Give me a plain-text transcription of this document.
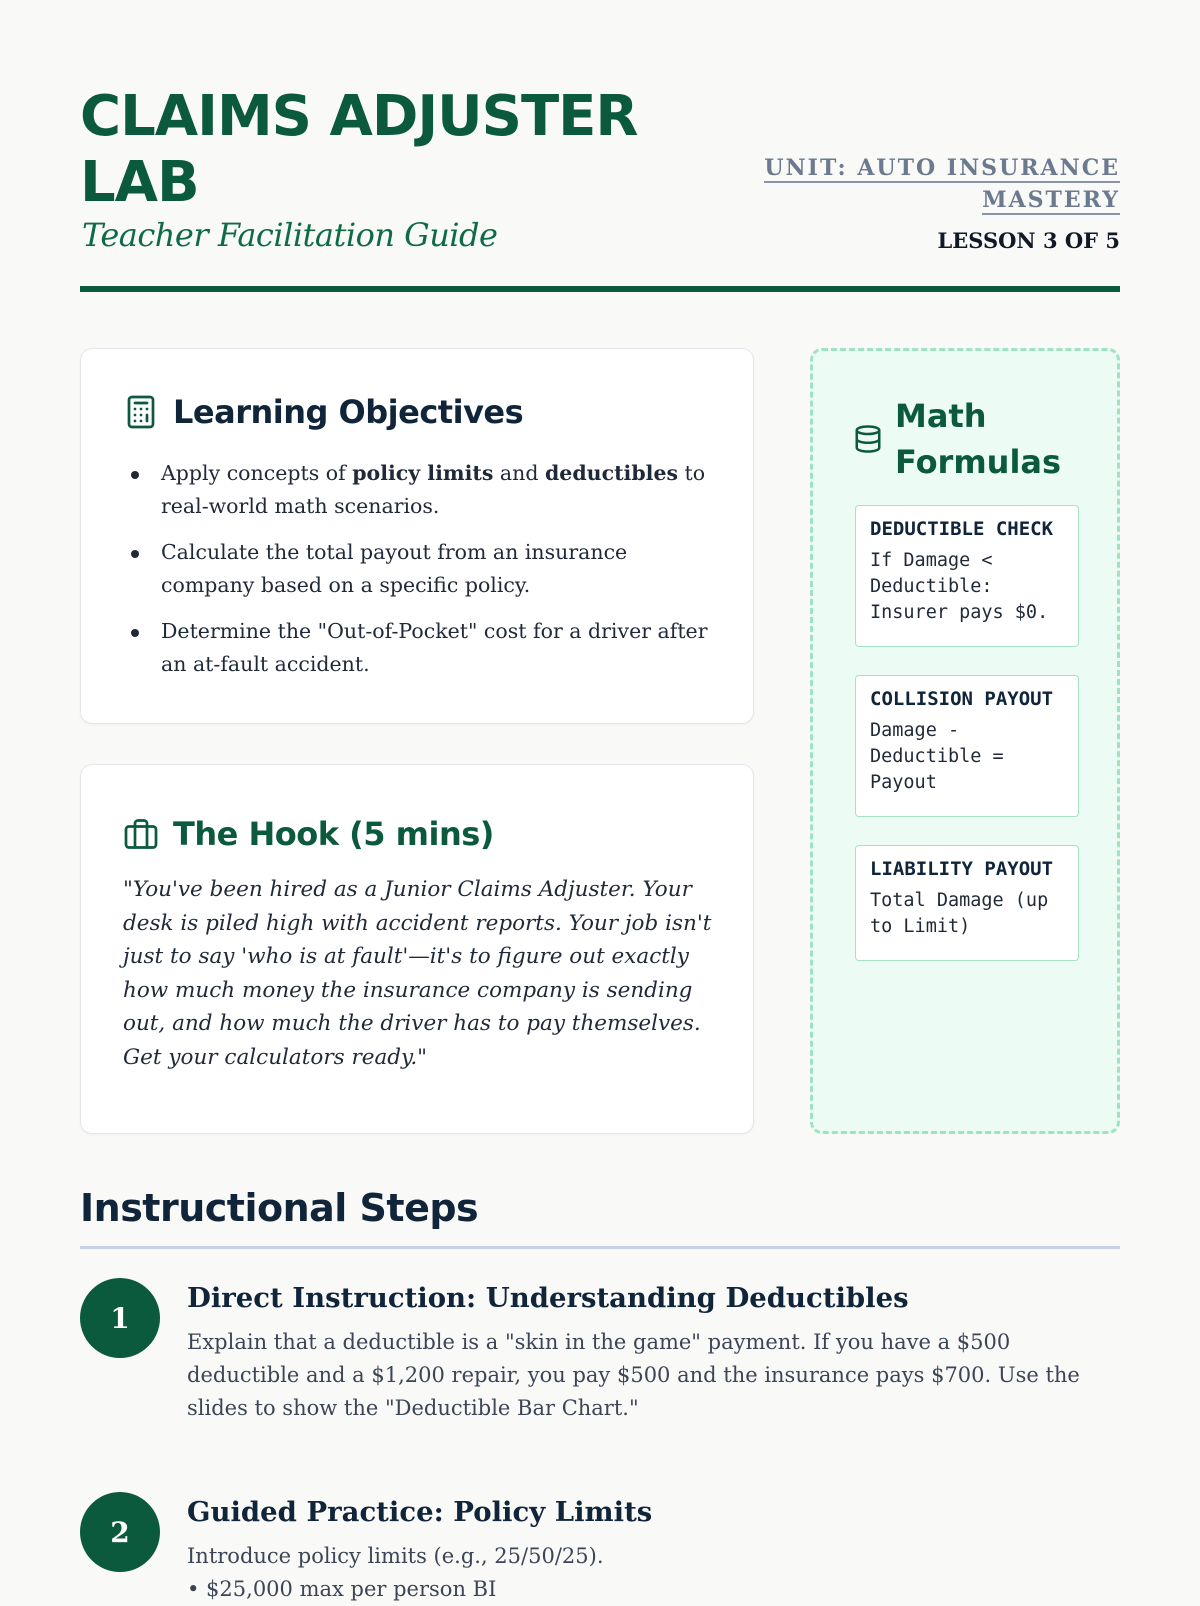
CLAIMS ADJUSTER LAB

Teacher Facilitation Guide

UNIT: AUTO INSURANCE MASTERY
LESSON 3 OF 5
Learning Objectives
Apply concepts of policy limits and deductibles to real-world math scenarios.
Calculate the total payout from an insurance company based on a specific policy.
Determine the "Out-of-Pocket" cost for a driver after an at-fault accident.
The Hook (5 mins)

"You've been hired as a Junior Claims Adjuster. Your desk is piled high with accident reports. Your job isn't just to say 'who is at fault'—it's to figure out exactly how much money the insurance company is sending out, and how much the driver has to pay themselves. Get your calculators ready."

Math Formulas
DEDUCTIBLE CHECK
If Damage < Deductible: Insurer pays $0.
COLLISION PAYOUT
Damage - Deductible = Payout
LIABILITY PAYOUT
Total Damage (up to Limit)
Instructional Steps
1
Direct Instruction: Understanding Deductibles

Explain that a deductible is a "skin in the game" payment. If you have a $500 deductible and a $1,200 repair, you pay $500 and the insurance pays $700. Use the slides to show the "Deductible Bar Chart."

2
Guided Practice: Policy Limits
Introduce policy limits (e.g., 25/50/25).
• $25,000 max per person BI
